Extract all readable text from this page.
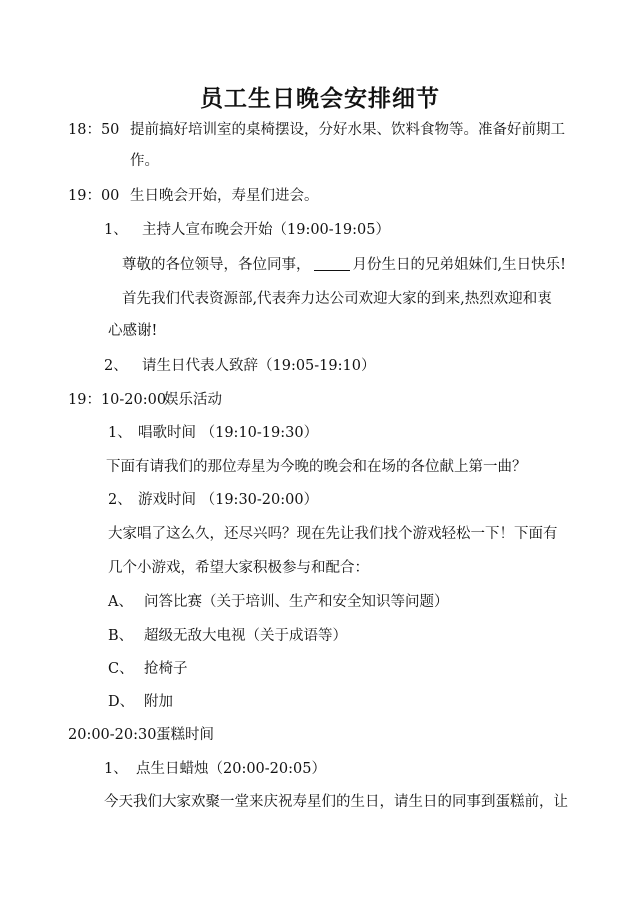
员工生日晚会安排细节
18：50 提前搞好培训室的桌椅摆设，分好水果、饮料食物等。准备好前期工
作。
19：00 生日晚会开始，寿星们进会。
1、 主持人宣布晚会开始（19:00-19:05）
尊敬的各位领导，各位同事，	月份生日的兄弟姐妹们,生日快乐!
首先我们代表资源部,代表奔力达公司欢迎大家的到来,热烈欢迎和衷
心感谢!
2、 请生日代表人致辞（19:05-19:10）
19：10-20:00娱乐活动
1、 唱歌时间 （19:10-19:30）
下面有请我们的那位寿星为今晚的晚会和在场的各位献上第一曲？
2、 游戏时间 （19:30-20:00）
大家唱了这么久，还尽兴吗？现在先让我们找个游戏轻松一下！下面有
几个小游戏，希望大家积极参与和配合：
A、 问答比赛（关于培训、生产和安全知识等问题）
B、 超级无敌大电视（关于成语等）
C、 抢椅子
D、 附加
20:00-20:30蛋糕时间
1、 点生日蜡烛（20:00-20:05）
今天我们大家欢聚一堂来庆祝寿星们的生日，请生日的同事到蛋糕前，让
